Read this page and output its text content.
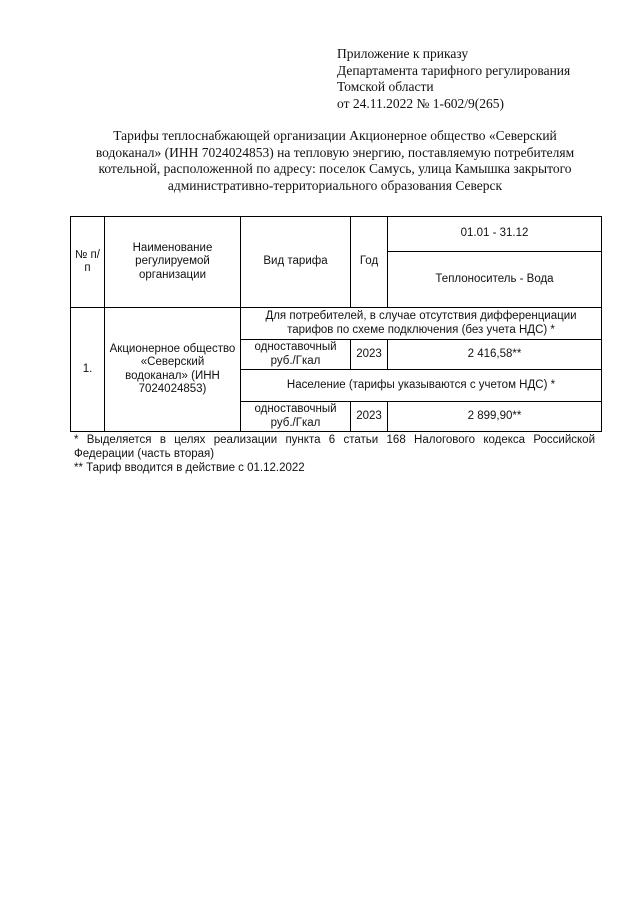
Приложение к приказу
Департамента тарифного регулирования
Томской области
от 24.11.2022 № 1-602/9(265)
Тарифы теплоснабжающей организации Акционерное общество «Северский
водоканал» (ИНН 7024024853) на тепловую энергию, поставляемую потребителям
котельной, расположенной по адресу: поселок Самусь, улица Камышка закрытого
административно-территориального образования Северск
№ п/п	Наименование регулируемой организации	Вид тарифа	Год	01.01 - 31.12
				Теплоноситель - Вода
1.	Акционерное общество «Северский водоканал» (ИНН 7024024853)	Для потребителей, в случае отсутствия дифференциации тарифов по схеме подключения (без учета НДС) *		
		одноставочный руб./Гкал	2023	2 416,58**
		Население (тарифы указываются с учетом НДС) *		
		одноставочный руб./Гкал	2023	2 899,90**
* Выделяется в целях реализации пункта 6 статьи 168 Налогового кодекса Российской Федерации (часть вторая)
** Тариф вводится в действие с 01.12.2022
